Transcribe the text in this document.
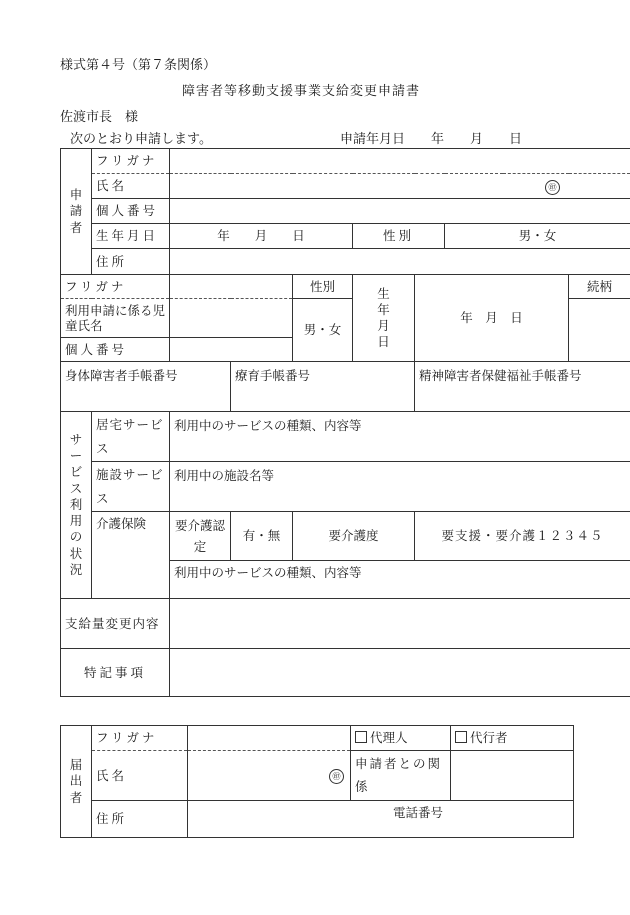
様式第４号（第７条関係）
障害者等移動支援事業支給変更申請書
佐渡市長　様
次のとおり申請します。	申請年月日　　年　　月　　日
申請者	フリガナ							
	氏名	㊞						
	個人番号							
	生年月日	年　　月　　日			性別		男・女	
	住所							
フリガナ				性別	生年月日	年　月　日		続柄
利用申請に係る児童氏名				男・女				
個人番号								
身体障害者手帳番号			療育手帳番号			精神障害者保健福祉手帳番号		
サービス利用の状況	居宅サービス	利用中のサービスの種類、内容等						
	施設サービス	利用中の施設名等						
	介護保険	要介護認定	有・無	要介護度		要支援・要介護１２３４５		
		利用中のサービスの種類、内容等						
支給量変更内容								
特記事項								
届出者	フリガナ		代理人	代行者
	氏名	㊞	申請者との関係	
	住所	電話番号		
